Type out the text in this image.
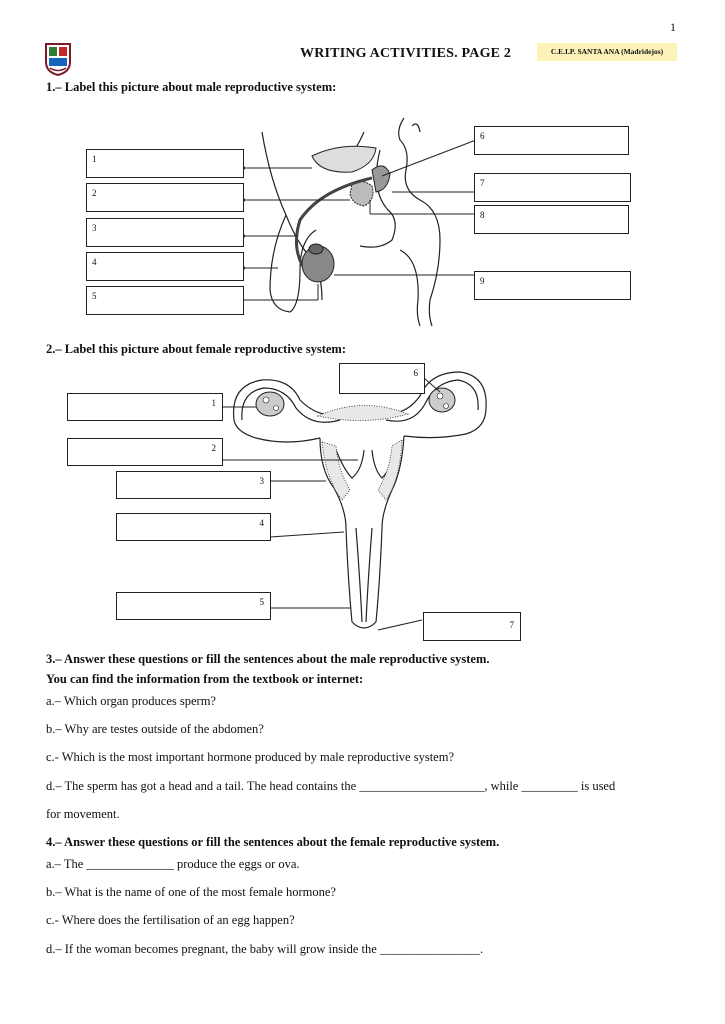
1
WRITING ACTIVITIES. PAGE 2	C.E.I.P. SANTA ANA (Madridejos)
1.– Label this picture about male reproductive system:
1
2
3
4
5
6
7
8
9
2.– Label this picture about female reproductive system:
1
2
3
4
5
6
7
3.– Answer these questions or fill the sentences about the male reproductive system.
You can find the information from the textbook or internet:
a.– Which organ produces sperm?
b.– Why are testes outside of the abdomen?
c.- Which is the most important hormone produced by male reproductive system?
d.– The sperm has got a head and a tail. The head contains the ____________________, while _________ is used
for movement.
4.– Answer these questions or fill the sentences about the female reproductive system.
a.– The ______________ produce the eggs or ova.
b.– What is the name of one of the most female hormone?
c.- Where does the fertilisation of an egg happen?
d.– If the woman becomes pregnant, the baby will grow inside the ________________.
